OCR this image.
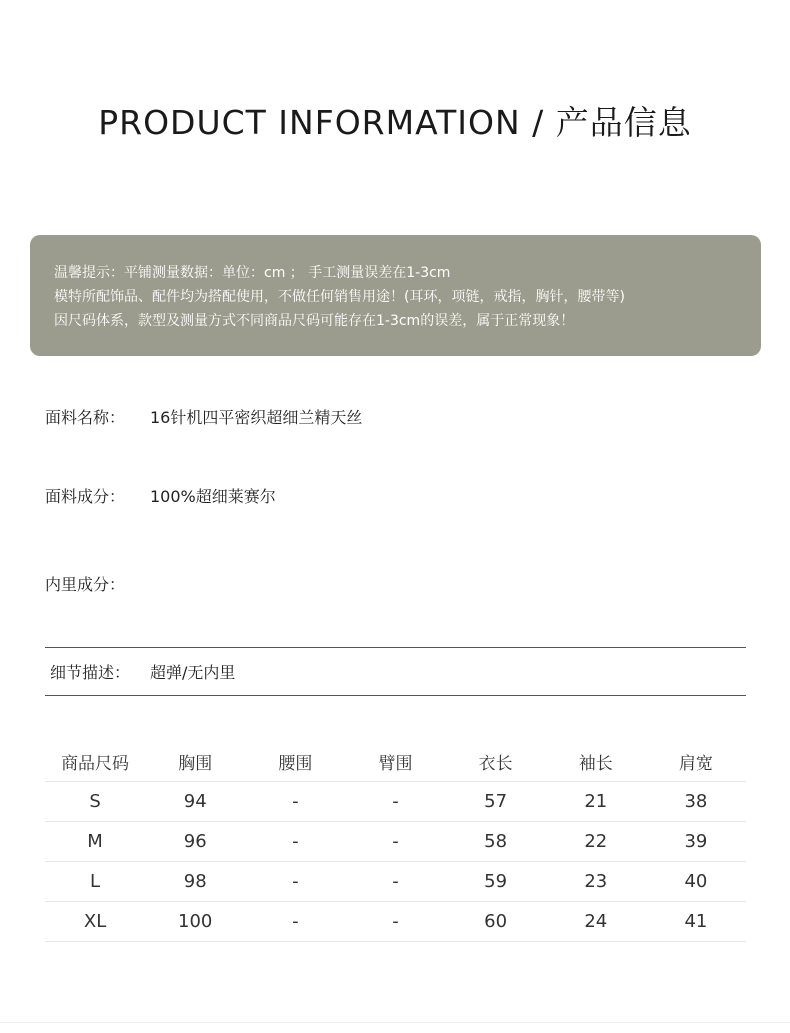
PRODUCT INFORMATION / 产品信息
温馨提示：平铺测量数据：单位：cm ； 手工测量误差在1-3cm
模特所配饰品、配件均为搭配使用，不做任何销售用途！(耳环，项链，戒指，胸针，腰带等)
因尺码体系，款型及测量方式不同商品尺码可能存在1-3cm的误差，属于正常现象！
面料名称： 16针机四平密织超细兰精天丝
面料成分： 100%超细莱赛尔
内里成分：
细节描述： 超弹/无内里
商品尺码	胸围	腰围	臂围	衣长	袖长	肩宽
S	94	-	-	57	21	38
M	96	-	-	58	22	39
L	98	-	-	59	23	40
XL	100	-	-	60	24	41
